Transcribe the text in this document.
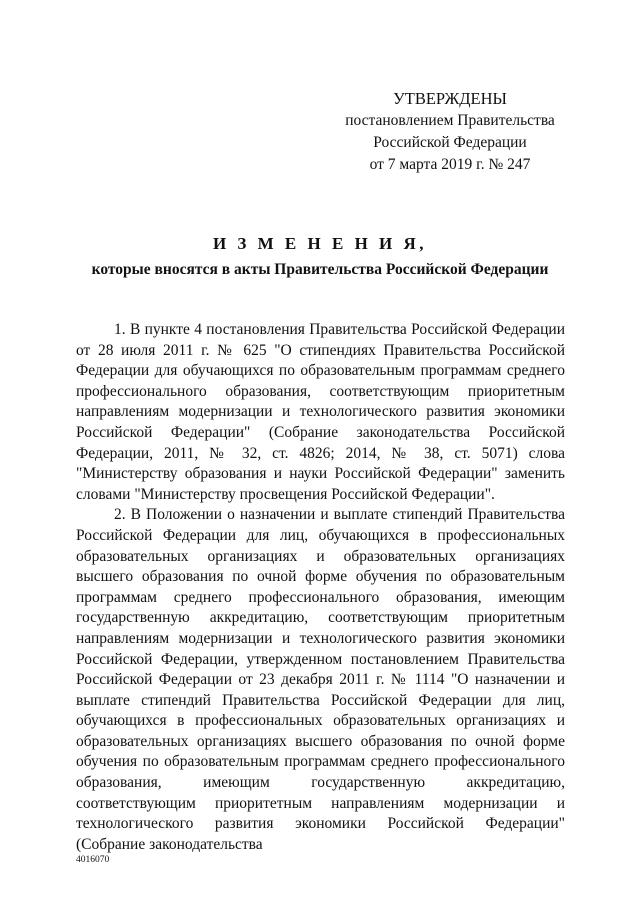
УТВЕРЖДЕНЫ
постановлением Правительства
Российской Федерации
от 7 марта 2019 г. № 247
И З М Е Н Е Н И Я,
которые вносятся в акты Правительства Российской Федерации

1. В пункте 4 постановления Правительства Российской Федерации от 28 июля 2011 г. № 625 "О стипендиях Правительства Российской Федерации для обучающихся по образовательным программам среднего профессионального образования, соответствующим приоритетным направлениям модернизации и технологического развития экономики Российской Федерации" (Собрание законодательства Российской Федерации, 2011, № 32, ст. 4826; 2014, № 38, ст. 5071) слова "Министерству образования и науки Российской Федерации" заменить словами "Министерству просвещения Российской Федерации".

2. В Положении о назначении и выплате стипендий Правительства Российской Федерации для лиц, обучающихся в профессиональных образовательных организациях и образовательных организациях высшего образования по очной форме обучения по образовательным программам среднего профессионального образования, имеющим государственную аккредитацию, соответствующим приоритетным направлениям модернизации и технологического развития экономики Российской Федерации, утвержденном постановлением Правительства Российской Федерации от 23 декабря 2011 г. № 1114 "О назначении и выплате стипендий Правительства Российской Федерации для лиц, обучающихся в профессиональных образовательных организациях и образовательных организациях высшего образования по очной форме обучения по образовательным программам среднего профессионального образования, имеющим государственную аккредитацию, соответствующим приоритетным направлениям модернизации и технологического развития экономики Российской Федерации" (Собрание законодательства

4016070
